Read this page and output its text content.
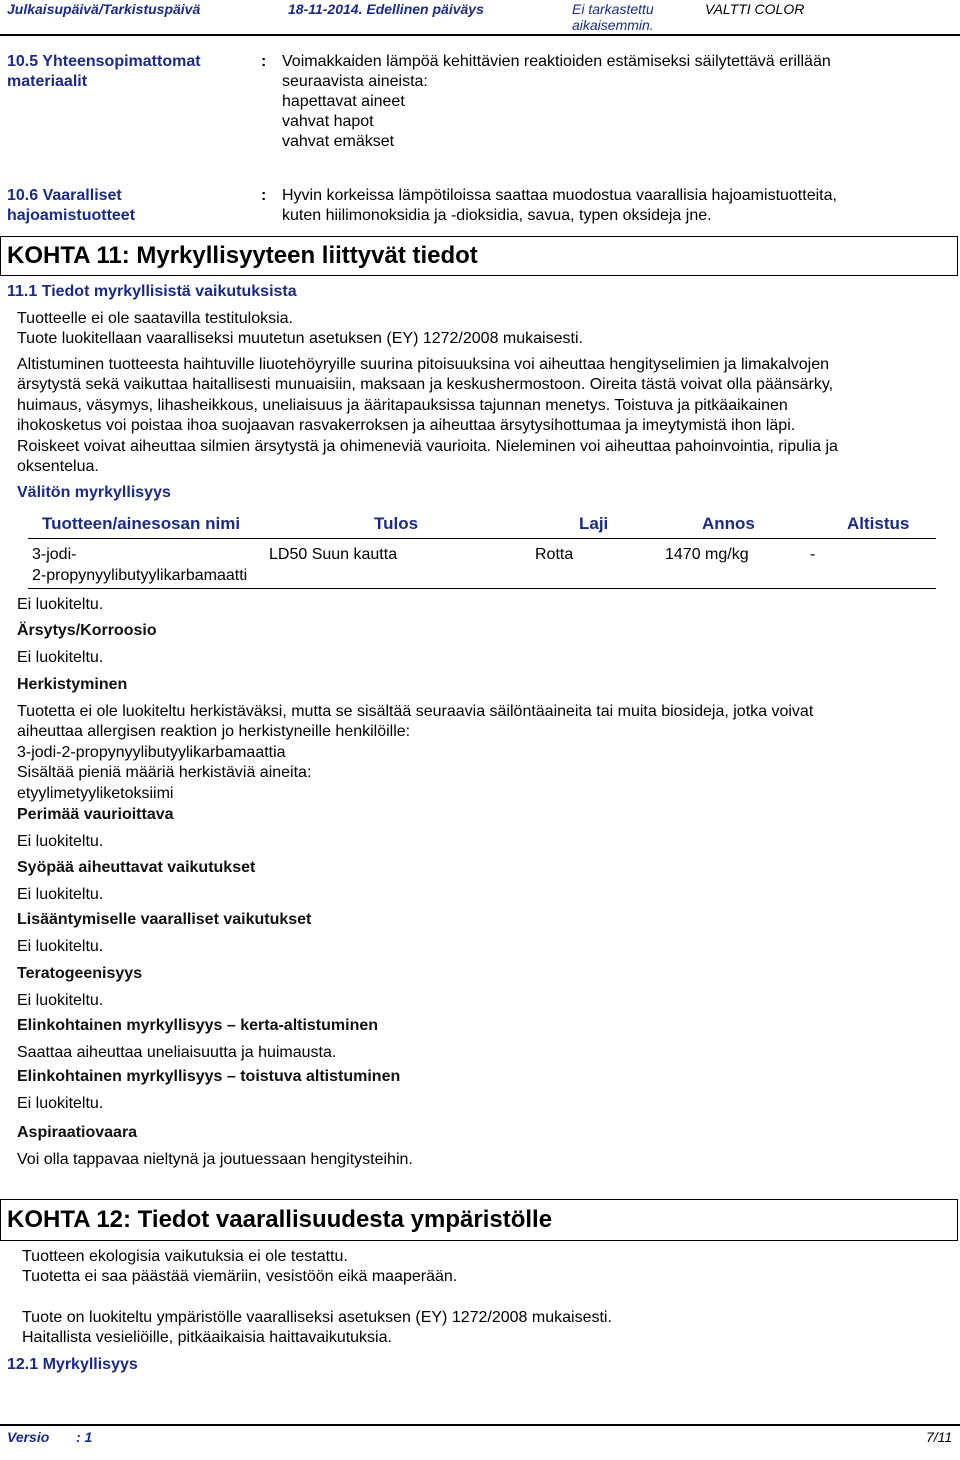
Julkaisupäivä/Tarkistuspäivä	18-11-2014. Edellinen päiväys	Ei tarkastettu
aikaisemmin.
VALTTI COLOR
10.5 Yhteensopimattomat
materiaalit
: Voimakkaiden lämpöä kehittävien reaktioiden estämiseksi säilytettävä erillään
seuraavista aineista:
hapettavat aineet
vahvat hapot
vahvat emäkset
10.6 Vaaralliset
hajoamistuotteet
: Hyvin korkeissa lämpötiloissa saattaa muodostua vaarallisia hajoamistuotteita,
kuten hiilimonoksidia ja -dioksidia, savua, typen oksideja jne.
KOHTA 11: Myrkyllisyyteen liittyvät tiedot
11.1 Tiedot myrkyllisistä vaikutuksista
Tuotteelle ei ole saatavilla testituloksia.
Tuote luokitellaan vaaralliseksi muutetun asetuksen (EY) 1272/2008 mukaisesti.
Altistuminen tuotteesta haihtuville liuotehöyryille suurina pitoisuuksina voi aiheuttaa hengityselimien ja limakalvojen
ärsytystä sekä vaikuttaa haitallisesti munuaisiin, maksaan ja keskushermostoon. Oireita tästä voivat olla päänsärky,
huimaus, väsymys, lihasheikkous, uneliaisuus ja ääritapauksissa tajunnan menetys. Toistuva ja pitkäaikainen
ihokosketus voi poistaa ihoa suojaavan rasvakerroksen ja aiheuttaa ärsytysihottumaa ja imeytymistä ihon läpi.
Roiskeet voivat aiheuttaa silmien ärsytystä ja ohimeneviä vaurioita. Nieleminen voi aiheuttaa pahoinvointia, ripulia ja
oksentelua.
Välitön myrkyllisyys
Tuotteen/ainesosan nimi	Tulos	Laji	Annos	Altistus
3-jodi-
2-propynyylibutyylikarbamaatti
LD50 Suun kautta	Rotta	1470 mg/kg	-
Ei luokiteltu.
Ärsytys/Korroosio
Ei luokiteltu.
Herkistyminen
Tuotetta ei ole luokiteltu herkistäväksi, mutta se sisältää seuraavia säilöntäaineita tai muita biosideja, jotka voivat
aiheuttaa allergisen reaktion jo herkistyneille henkilöille:
3-jodi-2-propynyylibutyylikarbamaattia
Sisältää pieniä määriä herkistäviä aineita:
etyylimetyyliketoksiimi
Perimää vaurioittava
Ei luokiteltu.
Syöpää aiheuttavat vaikutukset
Ei luokiteltu.
Lisääntymiselle vaaralliset vaikutukset
Ei luokiteltu.
Teratogeenisyys
Ei luokiteltu.
Elinkohtainen myrkyllisyys – kerta-altistuminen
Saattaa aiheuttaa uneliaisuutta ja huimausta.
Elinkohtainen myrkyllisyys – toistuva altistuminen
Ei luokiteltu.
Aspiraatiovaara
Voi olla tappavaa nieltynä ja joutuessaan hengitysteihin.
KOHTA 12: Tiedot vaarallisuudesta ympäristölle
Tuotteen ekologisia vaikutuksia ei ole testattu.
Tuotetta ei saa päästää viemäriin, vesistöön eikä maaperään.
Tuote on luokiteltu ympäristölle vaaralliseksi asetuksen (EY) 1272/2008 mukaisesti.
Haitallista vesieliöille, pitkäaikaisia haittavaikutuksia.
12.1 Myrkyllisyys
Versio : 1	7/11
